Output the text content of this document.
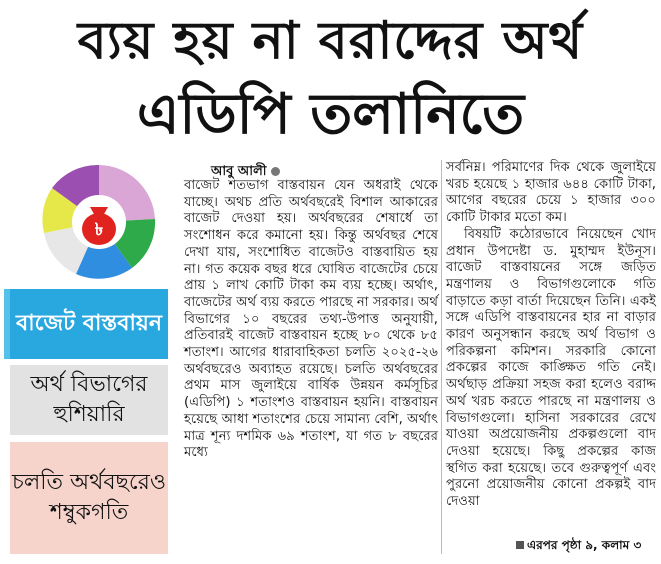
ব্যয় হয় না বরাদ্দের অর্থ
এডিপি তলানিতে
৳
বাজেট বাস্তবায়ন
অর্থ বিভাগের হুশিয়ারি
চলতি অর্থবছরেও শম্বুকগতি
আবু আলী
বাজেট শতভাগ বাস্তবায়ন যেন অধরাই থেকে যাচ্ছে। অথচ প্রতি অর্থবছরেই বিশাল আকারের বাজেট দেওয়া হয়। অর্থবছরের শেষার্ধে তা সংশোধন করে কমানো হয়। কিন্তু অর্থবছর শেষে দেখা যায়, সংশোধিত বাজেটও বাস্তবায়িত হয় না। গত কয়েক বছর ধরে ঘোষিত বাজেটের চেয়ে প্রায় ১ লাখ কোটি টাকা কম ব্যয় হচ্ছে। অর্থাৎ, বাজেটের অর্থ ব্যয় করতে পারছে না সরকার। অর্থ বিভাগের ১০ বছরের তথ্য-উপাত্ত অনুযায়ী, প্রতিবারই বাজেট বাস্তবায়ন হচ্ছে ৮০ থেকে ৮৫ শতাংশ। আগের ধারাবাহিকতা চলতি ২০২৫-২৬ অর্থবছরেও অব্যাহত রয়েছে। চলতি অর্থবছরের প্রথম মাস জুলাইয়ে বার্ষিক উন্নয়ন কর্মসূচির (এডিপি) ১ শতাংশও বাস্তবায়ন হয়নি। বাস্তবায়ন হয়েছে আধা শতাংশের চেয়ে সামান্য বেশি, অর্থাৎ মাত্র শূন্য দশমিক ৬৯ শতাংশ, যা গত ৮ বছরের মধ্যে
সর্বনিম্ন। পরিমাণের দিক থেকে জুলাইয়ে খরচ হয়েছে ১ হাজার ৬৪৪ কোটি টাকা, আগের বছরের চেয়ে ১ হাজার ৩০০ কোটি টাকার মতো কম।
বিষয়টি কঠোরভাবে নিয়েছেন খোদ প্রধান উপদেষ্টা ড. মুহাম্মদ ইউনূস। বাজেট বাস্তবায়নের সঙ্গে জড়িত মন্ত্রণালয় ও বিভাগগুলোকে গতি বাড়াতে কড়া বার্তা দিয়েছেন তিনি। একই সঙ্গে এডিপি বাস্তবায়নের হার না বাড়ার কারণ অনুসন্ধান করছে অর্থ বিভাগ ও পরিকল্পনা কমিশন। সরকারি কোনো প্রকল্পের কাজে কাঙ্ক্ষিত গতি নেই। অর্থছাড় প্রক্রিয়া সহজ করা হলেও বরাদ্দ অর্থ খরচ করতে পারছে না মন্ত্রণালয় ও বিভাগগুলো। হাসিনা সরকারের রেখে যাওয়া অপ্রয়োজনীয় প্রকল্পগুলো বাদ দেওয়া হয়েছে। কিছু প্রকল্পের কাজ স্থগিত করা হয়েছে। তবে গুরুত্বপূর্ণ এবং পুরনো প্রয়োজনীয় কোনো প্রকল্পই বাদ দেওয়া
এরপর পৃষ্ঠা ৯, কলাম ৩
